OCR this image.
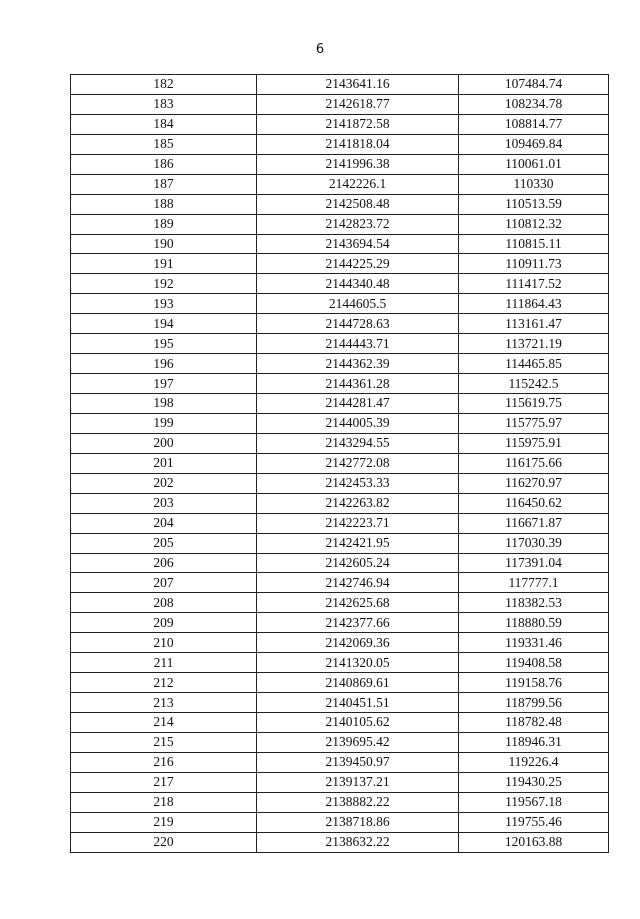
6
182	2143641.16	107484.74
183	2142618.77	108234.78
184	2141872.58	108814.77
185	2141818.04	109469.84
186	2141996.38	110061.01
187	2142226.1	110330
188	2142508.48	110513.59
189	2142823.72	110812.32
190	2143694.54	110815.11
191	2144225.29	110911.73
192	2144340.48	111417.52
193	2144605.5	111864.43
194	2144728.63	113161.47
195	2144443.71	113721.19
196	2144362.39	114465.85
197	2144361.28	115242.5
198	2144281.47	115619.75
199	2144005.39	115775.97
200	2143294.55	115975.91
201	2142772.08	116175.66
202	2142453.33	116270.97
203	2142263.82	116450.62
204	2142223.71	116671.87
205	2142421.95	117030.39
206	2142605.24	117391.04
207	2142746.94	117777.1
208	2142625.68	118382.53
209	2142377.66	118880.59
210	2142069.36	119331.46
211	2141320.05	119408.58
212	2140869.61	119158.76
213	2140451.51	118799.56
214	2140105.62	118782.48
215	2139695.42	118946.31
216	2139450.97	119226.4
217	2139137.21	119430.25
218	2138882.22	119567.18
219	2138718.86	119755.46
220	2138632.22	120163.88
